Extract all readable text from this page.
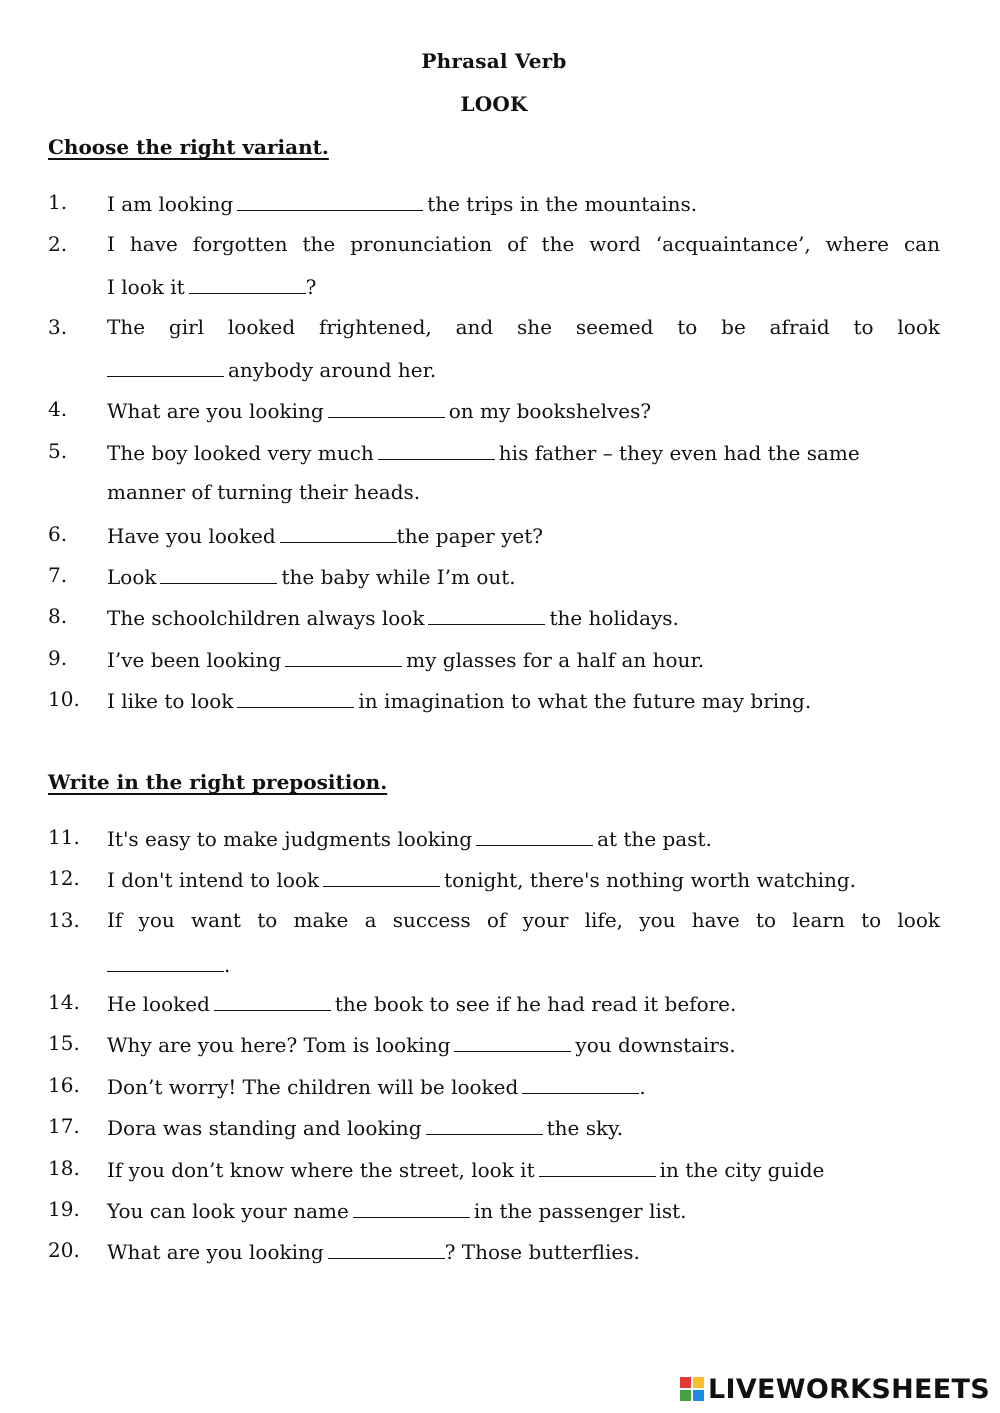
Phrasal Verb
LOOK
Choose the right variant.
1. I am looking	the trips in the mountains.
2. I have forgotten the pronunciation of the word ‘acquaintance’, where can
I look it	?
3. The girl looked frightened, and she seemed to be afraid to look
anybody around her.
4. What are you looking	on my bookshelves?
5. The boy looked very much	his father – they even had the same
manner of turning their heads.
6. Have you looked	the paper yet?
7. Look	the baby while I’m out.
8. The schoolchildren always look	the holidays.
9. I’ve been looking	my glasses for a half an hour.
10. I like to look	in imagination to what the future may bring.
Write in the right preposition.
11. It's easy to make judgments looking	at the past.
12. I don't intend to look	tonight, there's nothing worth watching.
13. If you want to make a success of your life, you have to learn to look
.
14. He looked	the book to see if he had read it before.
15. Why are you here? Tom is looking	you downstairs.
16. Don’t worry! The children will be looked	.
17. Dora was standing and looking	the sky.
18. If you don’t know where the street, look it	in the city guide
19. You can look your name	in the passenger list.
20. What are you looking	? Those butterflies.
LIVEWORKSHEETS
